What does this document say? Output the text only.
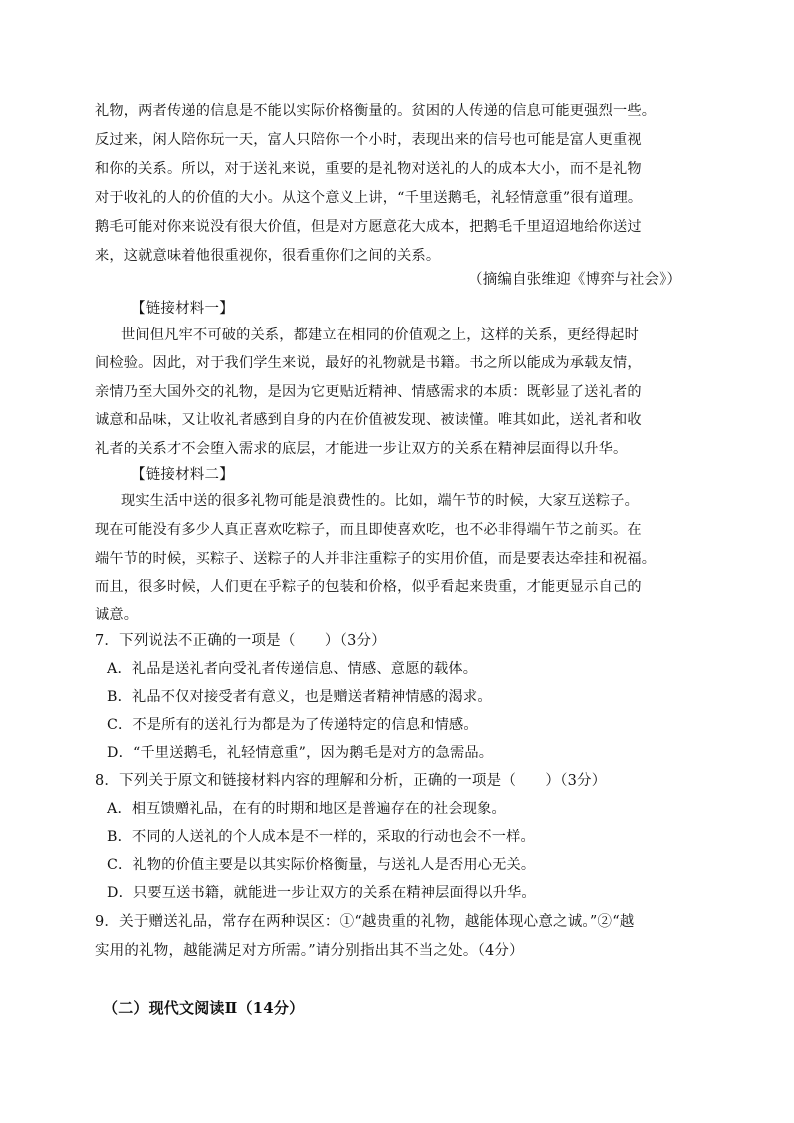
礼物，两者传递的信息是不能以实际价格衡量的。贫困的人传递的信息可能更强烈一些。
反过来，闲人陪你玩一天，富人只陪你一个小时，表现出来的信号也可能是富人更重视
和你的关系。所以，对于送礼来说，重要的是礼物对送礼的人的成本大小，而不是礼物
对于收礼的人的价值的大小。从这个意义上讲，“千里送鹅毛，礼轻情意重”很有道理。
鹅毛可能对你来说没有很大价值，但是对方愿意花大成本，把鹅毛千里迢迢地给你送过
来，这就意味着他很重视你，很看重你们之间的关系。
（摘编自张维迎《博弈与社会》）
【链接材料一】
世间但凡牢不可破的关系，都建立在相同的价值观之上，这样的关系，更经得起时
间检验。因此，对于我们学生来说，最好的礼物就是书籍。书之所以能成为承载友情，
亲情乃至大国外交的礼物，是因为它更贴近精神、情感需求的本质：既彰显了送礼者的
诚意和品味，又让收礼者感到自身的内在价值被发现、被读懂。唯其如此，送礼者和收
礼者的关系才不会堕入需求的底层，才能进一步让双方的关系在精神层面得以升华。
【链接材料二】
现实生活中送的很多礼物可能是浪费性的。比如，端午节的时候，大家互送粽子。
现在可能没有多少人真正喜欢吃粽子，而且即使喜欢吃，也不必非得端午节之前买。在
端午节的时候，买粽子、送粽子的人并非注重粽子的实用价值，而是要表达牵挂和祝福。
而且，很多时候，人们更在乎粽子的包装和价格，似乎看起来贵重，才能更显示自己的
诚意。
7．下列说法不正确的一项是（　　）（3分）
A．礼品是送礼者向受礼者传递信息、情感、意愿的载体。
B．礼品不仅对接受者有意义，也是赠送者精神情感的渴求。
C．不是所有的送礼行为都是为了传递特定的信息和情感。
D．“千里送鹅毛，礼轻情意重”，因为鹅毛是对方的急需品。
8．下列关于原文和链接材料内容的理解和分析，正确的一项是（　　）（3分）
A．相互馈赠礼品，在有的时期和地区是普遍存在的社会现象。
B．不同的人送礼的个人成本是不一样的，采取的行动也会不一样。
C．礼物的价值主要是以其实际价格衡量，与送礼人是否用心无关。
D．只要互送书籍，就能进一步让双方的关系在精神层面得以升华。
9．关于赠送礼品，常存在两种误区：①“越贵重的礼物，越能体现心意之诚。”②“越
实用的礼物，越能满足对方所需。”请分别指出其不当之处。（4分）
（二）现代文阅读Ⅱ（14分）
